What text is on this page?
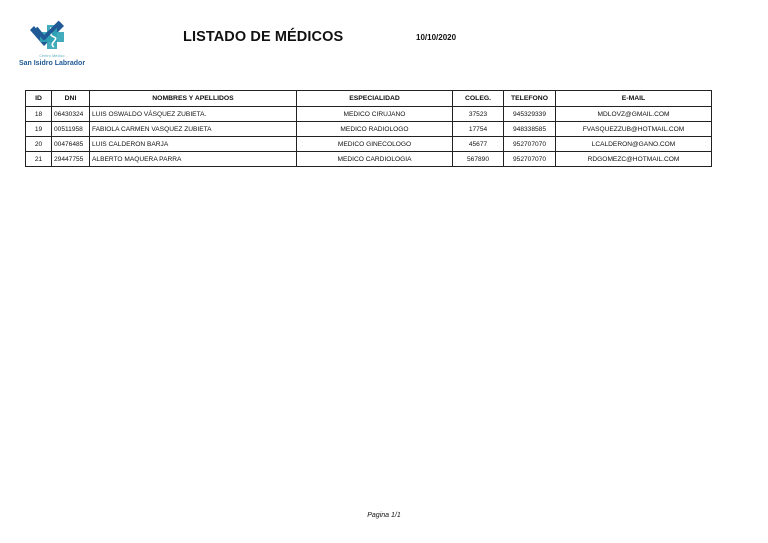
Centro Médico
San Isidro Labrador
LISTADO DE MÉDICOS	10/10/2020
ID	DNI	NOMBRES Y APELLIDOS	ESPECIALIDAD	COLEG.	TELEFONO	E-MAIL
18	06430324	LUIS OSWALDO VÁSQUEZ ZUBIETA.	MEDICO CIRUJANO	37523	945329339	MDLOVZ@GMAIL.COM
19	00511958	FABIOLA CARMEN VASQUEZ ZUBIETA	MEDICO RADIOLOGO	17754	948338585	FVASQUEZZUB@HOTMAIL.COM
20	00476485	LUIS CALDERON BARJA	MEDICO GINECOLOGO	45677	952707070	LCALDERON@GANO.COM
21	29447755	ALBERTO MAQUERA PARRA	MEDICO CARDIOLOGIA	567890	952707070	RDGOMEZC@HOTMAIL.COM
Pagina 1/1
